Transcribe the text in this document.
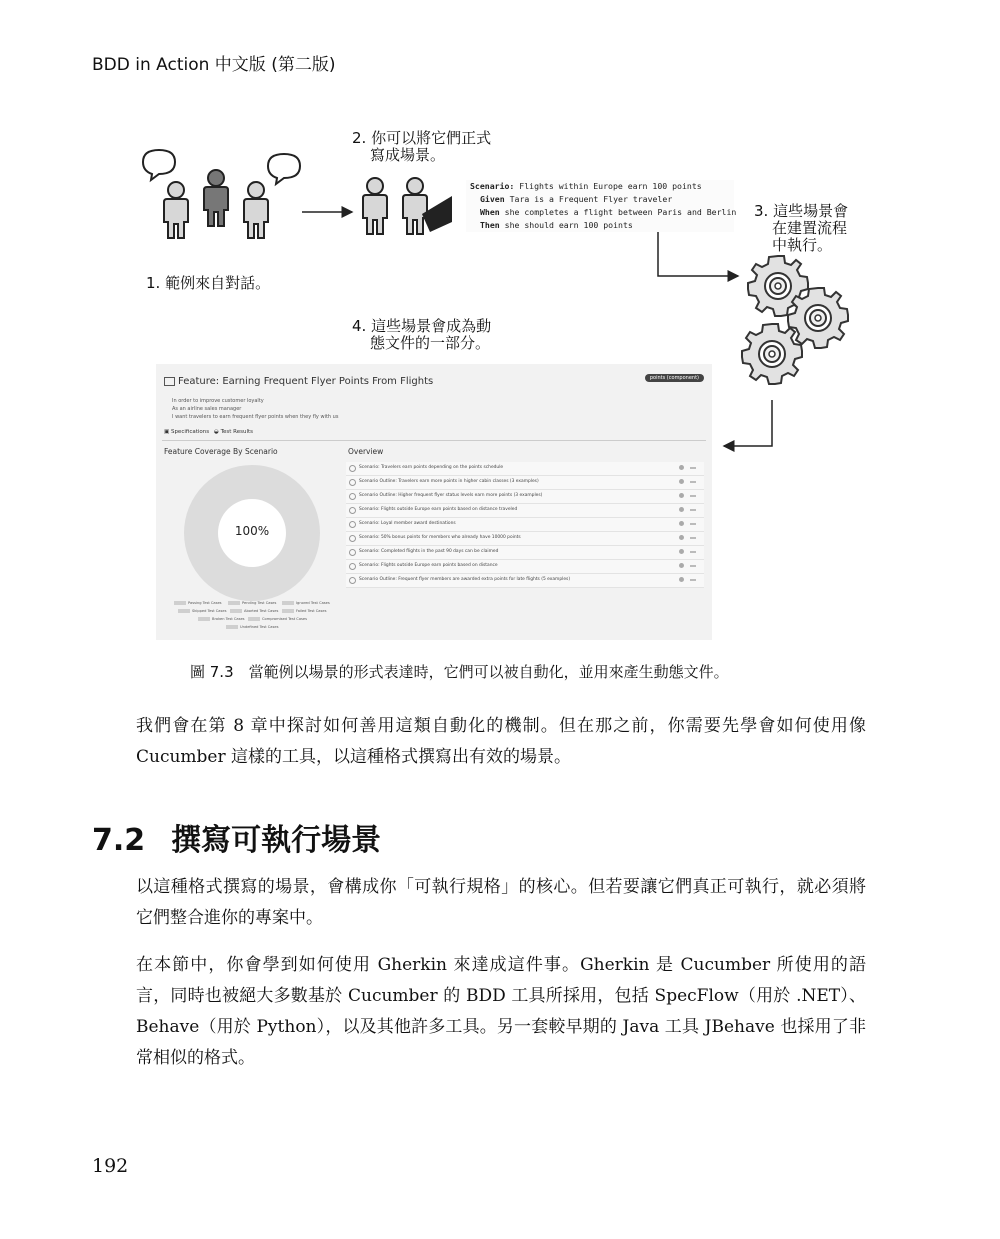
BDD in Action 中文版 (第二版)
1. 範例來自對話。
2. 你可以將它們正式
寫成場景。
3. 這些場景會
在建置流程
中執行。
4. 這些場景會成為動
態文件的一部分。
Scenario: Flights within Europe earn 100 points
Given Tara is a Frequent Flyer traveler
When she completes a flight between Paris and Berlin
Then she should earn 100 points
Feature: Earning Frequent Flyer Points From Flights	points (component)
In order to improve customer loyalty
As an airline sales manager
I want travelers to earn frequent flyer points when they fly with us
▣ Specifications ◒ Test Results
Feature Coverage By Scenario	Overview
100%
Passing Test Cases	Pending Test Cases	Ignored Test Cases
Skipped Test Cases	Aborted Test Cases	Failed Test Cases
Broken Test Cases	Compromised Test Cases
Undefined Test Cases
Scenario: Travelers earn points depending on the points schedule
Scenario Outline: Travelers earn more points in higher cabin classes (3 examples)
Scenario Outline: Higher frequent flyer status levels earn more points (3 examples)
Scenario: Flights outside Europe earn points based on distance traveled
Scenario: Loyal member award destinations
Scenario: 50% bonus points for members who already have 10000 points
Scenario: Completed flights in the past 90 days can be claimed
Scenario: Flights outside Europe earn points based on distance
Scenario Outline: Frequent flyer members are awarded extra points for late flights (5 examples)
圖 7.3　當範例以場景的形式表達時，它們可以被自動化，並用來產生動態文件。
我們會在第 8 章中探討如何善用這類自動化的機制。但在那之前，你需要先學會如何使用像 Cucumber 這樣的工具，以這種格式撰寫出有效的場景。
7.2 撰寫可執行場景
以這種格式撰寫的場景，會構成你「可執行規格」的核心。但若要讓它們真正可執行，就必須將它們整合進你的專案中。
在本節中，你會學到如何使用 Gherkin 來達成這件事。Gherkin 是 Cucumber 所使用的語言，同時也被絕大多數基於 Cucumber 的 BDD 工具所採用，包括 SpecFlow（用於 .NET）、Behave（用於 Python），以及其他許多工具。另一套較早期的 Java 工具 JBehave 也採用了非常相似的格式。
192
